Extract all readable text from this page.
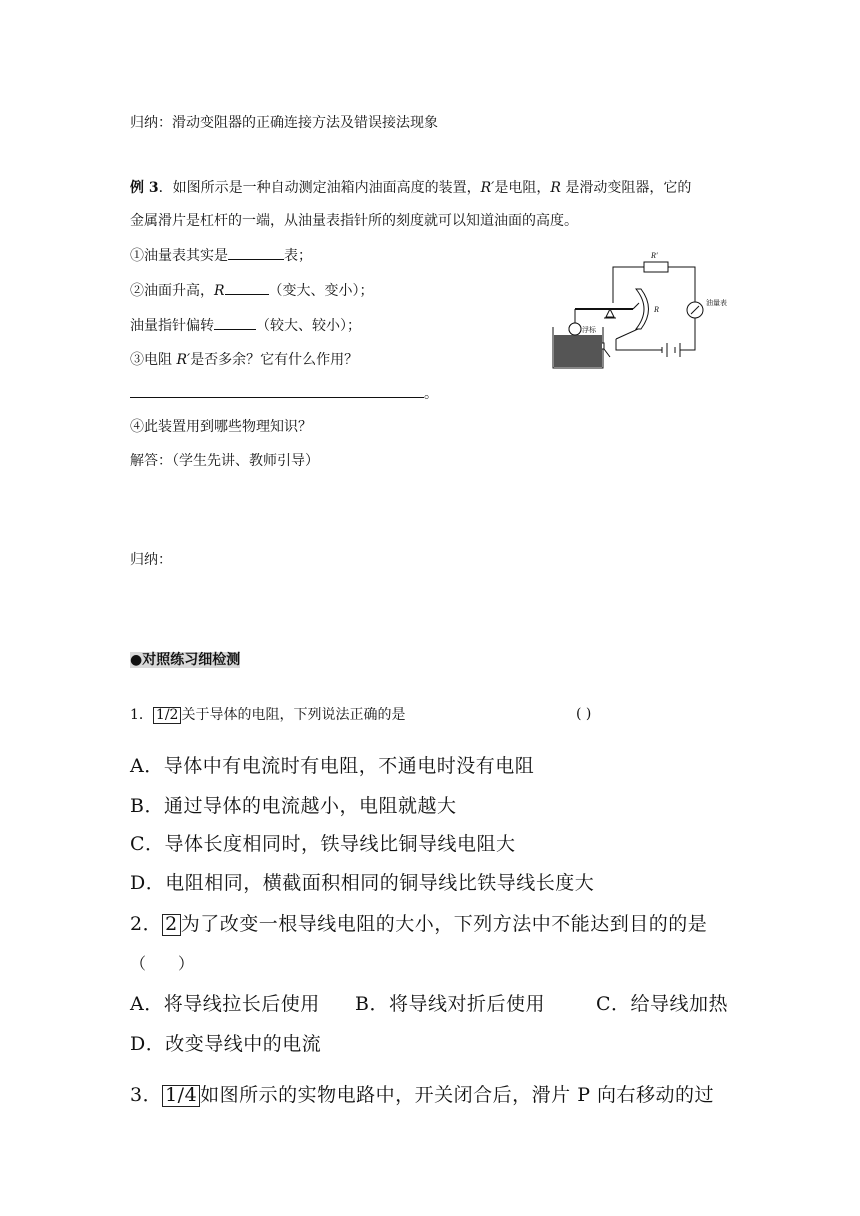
归纳：滑动变阻器的正确连接方法及错误接法现象
例 3．如图所示是一种自动测定油箱内油面高度的装置，R′是电阻，R 是滑动变阻器，它的
金属滑片是杠杆的一端，从油量表指针所的刻度就可以知道油面的高度。
①油量表其实是	表；
②油面升高，R	（变大、变小）；
油量指针偏转	（较大、较小）；
③电阻 R′是否多余？它有什么作用？
。
④此装置用到哪些物理知识？
解答：（学生先讲、教师引导）
R′
R
油量表
浮标
归纳：
●对照练习细检测
1． 1/2 关于导体的电阻，下列说法正确的是	( )
A．导体中有电流时有电阻，不通电时没有电阻
B．通过导体的电流越小，电阻就越大
C．导体长度相同时，铁导线比铜导线电阻大
D．电阻相同，横截面积相同的铜导线比铁导线长度大
2． 2 为了改变一根导线电阻的大小，下列方法中不能达到目的的是
（　　）
A．将导线拉长后使用 B．将导线对折后使用	C．给导线加热
D．改变导线中的电流
3． 1/4 如图所示的实物电路中，开关闭合后，滑片 P 向右移动的过
